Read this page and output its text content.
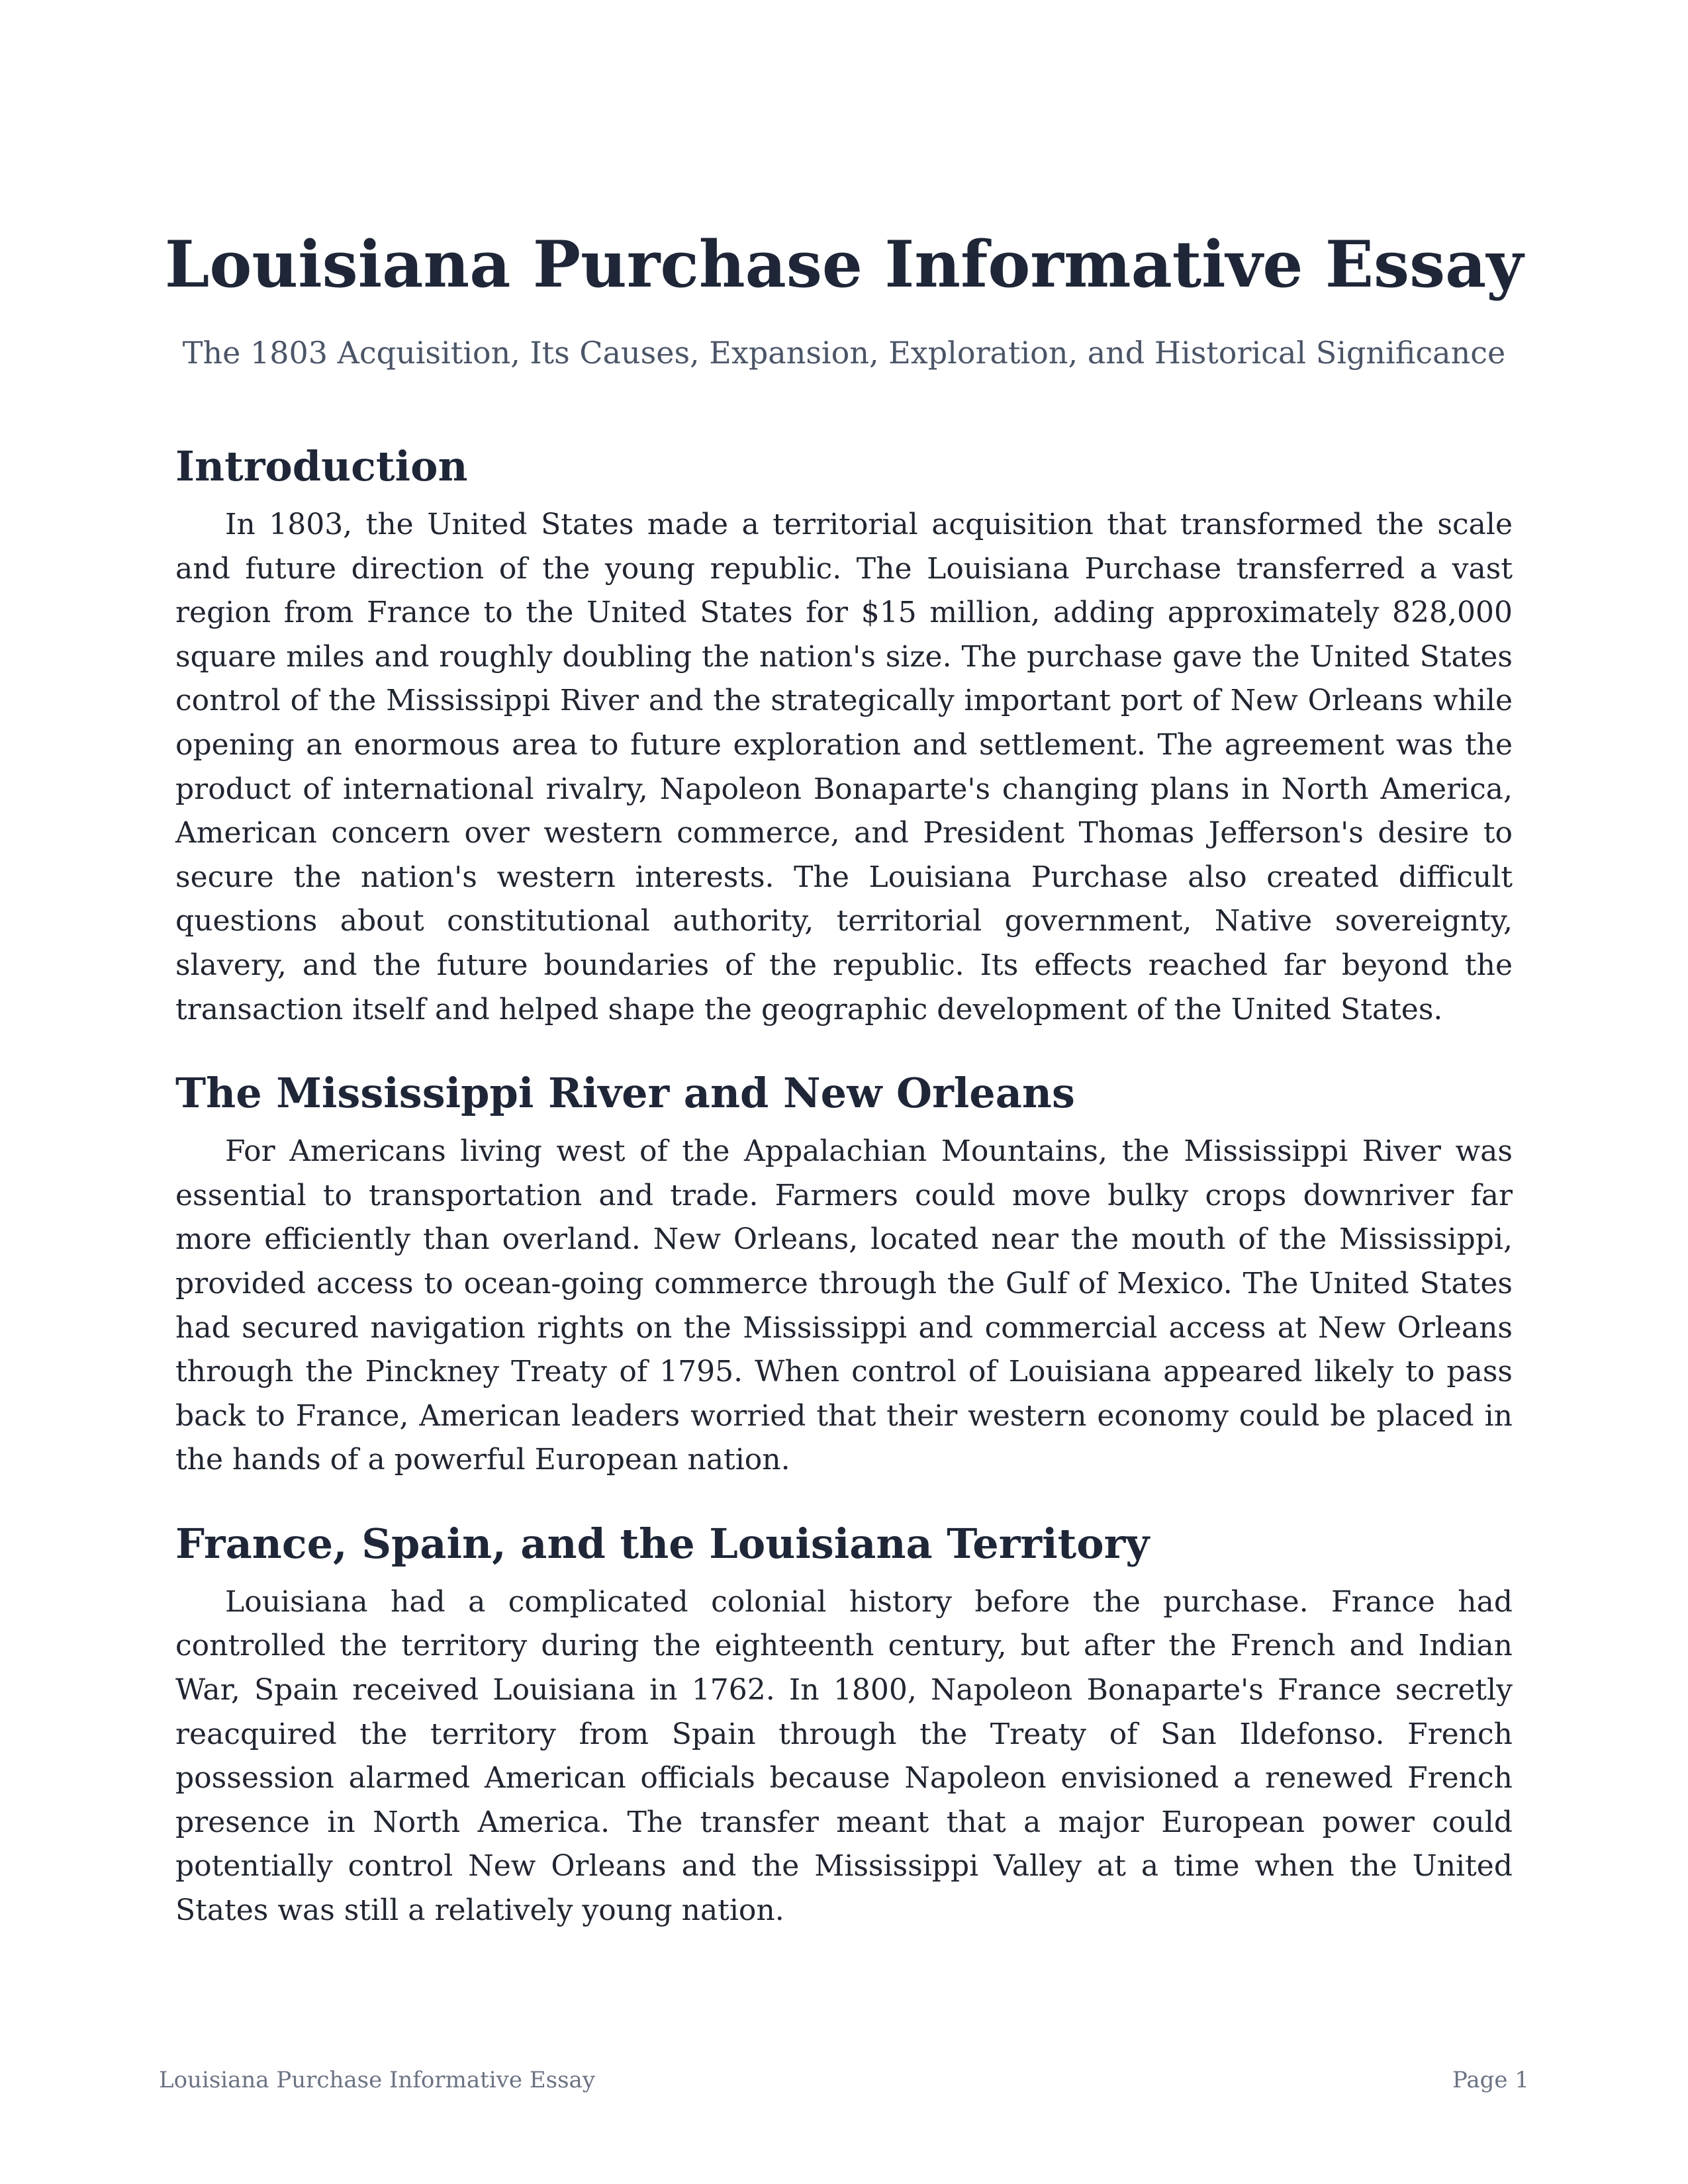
Louisiana Purchase Informative Essay

The 1803 Acquisition, Its Causes, Expansion, Exploration, and Historical Significance

Introduction

In 1803, the United States made a territorial acquisition that transformed the scale and future direction of the young republic. The Louisiana Purchase transferred a vast region from France to the United States for $15 million, adding approximately 828,000 square miles and roughly doubling the nation's size. The purchase gave the United States control of the Mississippi River and the strategically important port of New Orleans while opening an enormous area to future exploration and settlement. The agreement was the product of international rivalry, Napoleon Bonaparte's changing plans in North America, American concern over western commerce, and President Thomas Jefferson's desire to secure the nation's western interests. The Louisiana Purchase also created difficult questions about constitutional authority, territorial government, Native sovereignty, slavery, and the future boundaries of the republic. Its effects reached far beyond the transaction itself and helped shape the geographic development of the United States.

The Mississippi River and New Orleans

For Americans living west of the Appalachian Mountains, the Mississippi River was essential to transportation and trade. Farmers could move bulky crops downriver far more efficiently than overland. New Orleans, located near the mouth of the Mississippi, provided access to ocean-going commerce through the Gulf of Mexico. The United States had secured navigation rights on the Mississippi and commercial access at New Orleans through the Pinckney Treaty of 1795. When control of Louisiana appeared likely to pass back to France, American leaders worried that their western economy could be placed in the hands of a powerful European nation.

France, Spain, and the Louisiana Territory

Louisiana had a complicated colonial history before the purchase. France had controlled the territory during the eighteenth century, but after the French and Indian War, Spain received Louisiana in 1762. In 1800, Napoleon Bonaparte's France secretly reacquired the territory from Spain through the Treaty of San Ildefonso. French possession alarmed American officials because Napoleon envisioned a renewed French presence in North America. The transfer meant that a major European power could potentially control New Orleans and the Mississippi Valley at a time when the United States was still a relatively young nation.

Louisiana Purchase Informative Essay	Page 1
